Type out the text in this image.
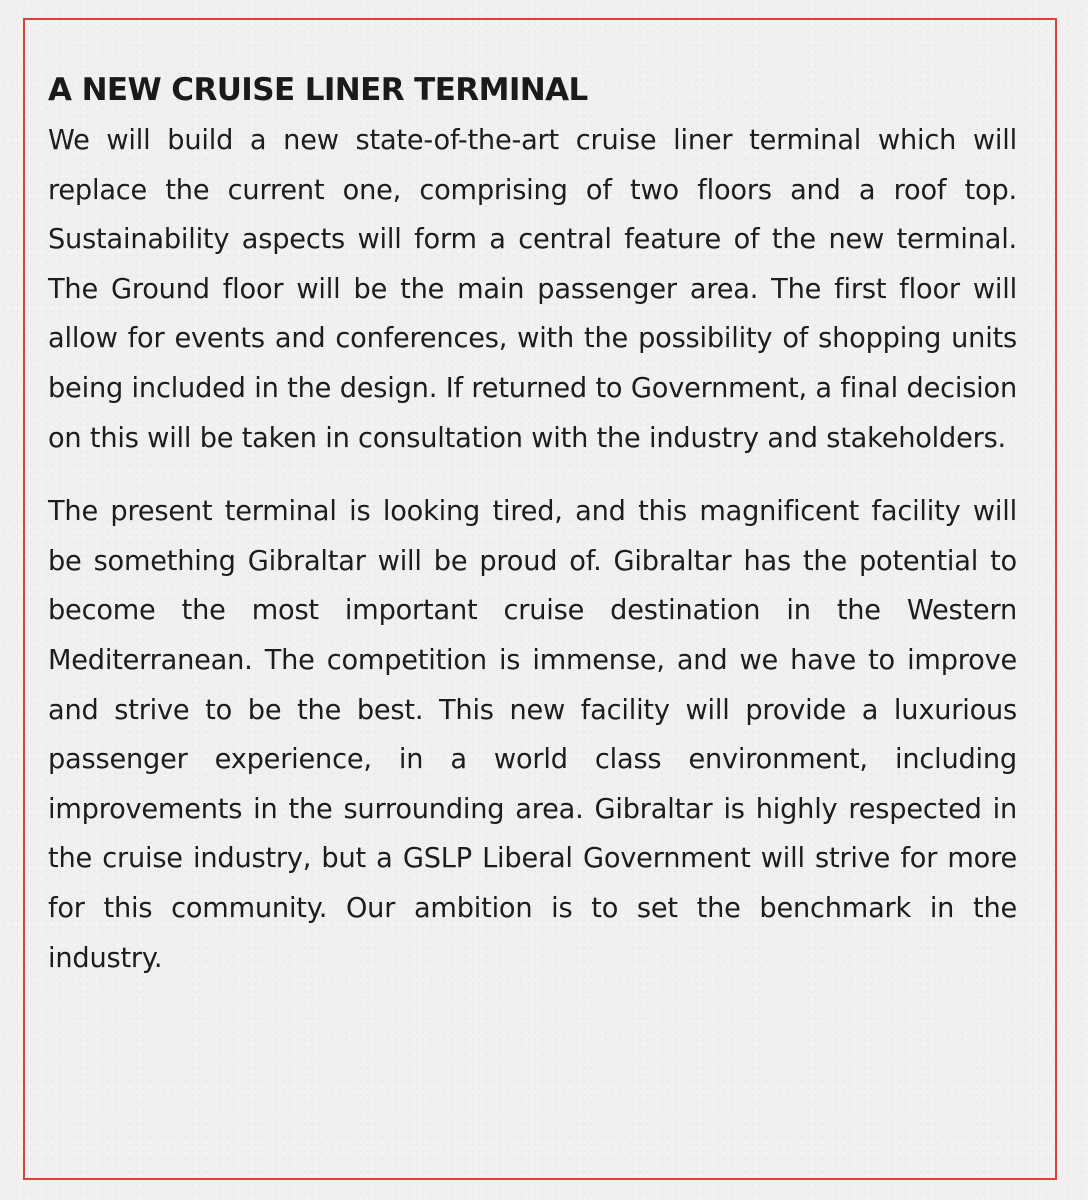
A NEW CRUISE LINER TERMINAL

We will build a new state-of-the-art cruise liner terminal which will replace the current one, comprising of two floors and a roof top. Sustainability aspects will form a central feature of the new terminal. The Ground floor will be the main passenger area. The first floor will allow for events and conferences, with the possibility of shopping units being included in the design. If returned to Government, a final decision on this will be taken in consultation with the industry and stakeholders.

The present terminal is looking tired, and this magnificent facility will be something Gibraltar will be proud of. Gibraltar has the potential to become the most important cruise destination in the Western Mediterranean. The competition is immense, and we have to improve and strive to be the best. This new facility will provide a luxurious passenger experience, in a world class environment, including improvements in the surrounding area. Gibraltar is highly respected in the cruise industry, but a GSLP Liberal Government will strive for more for this community. Our ambition is to set the benchmark in the industry.
